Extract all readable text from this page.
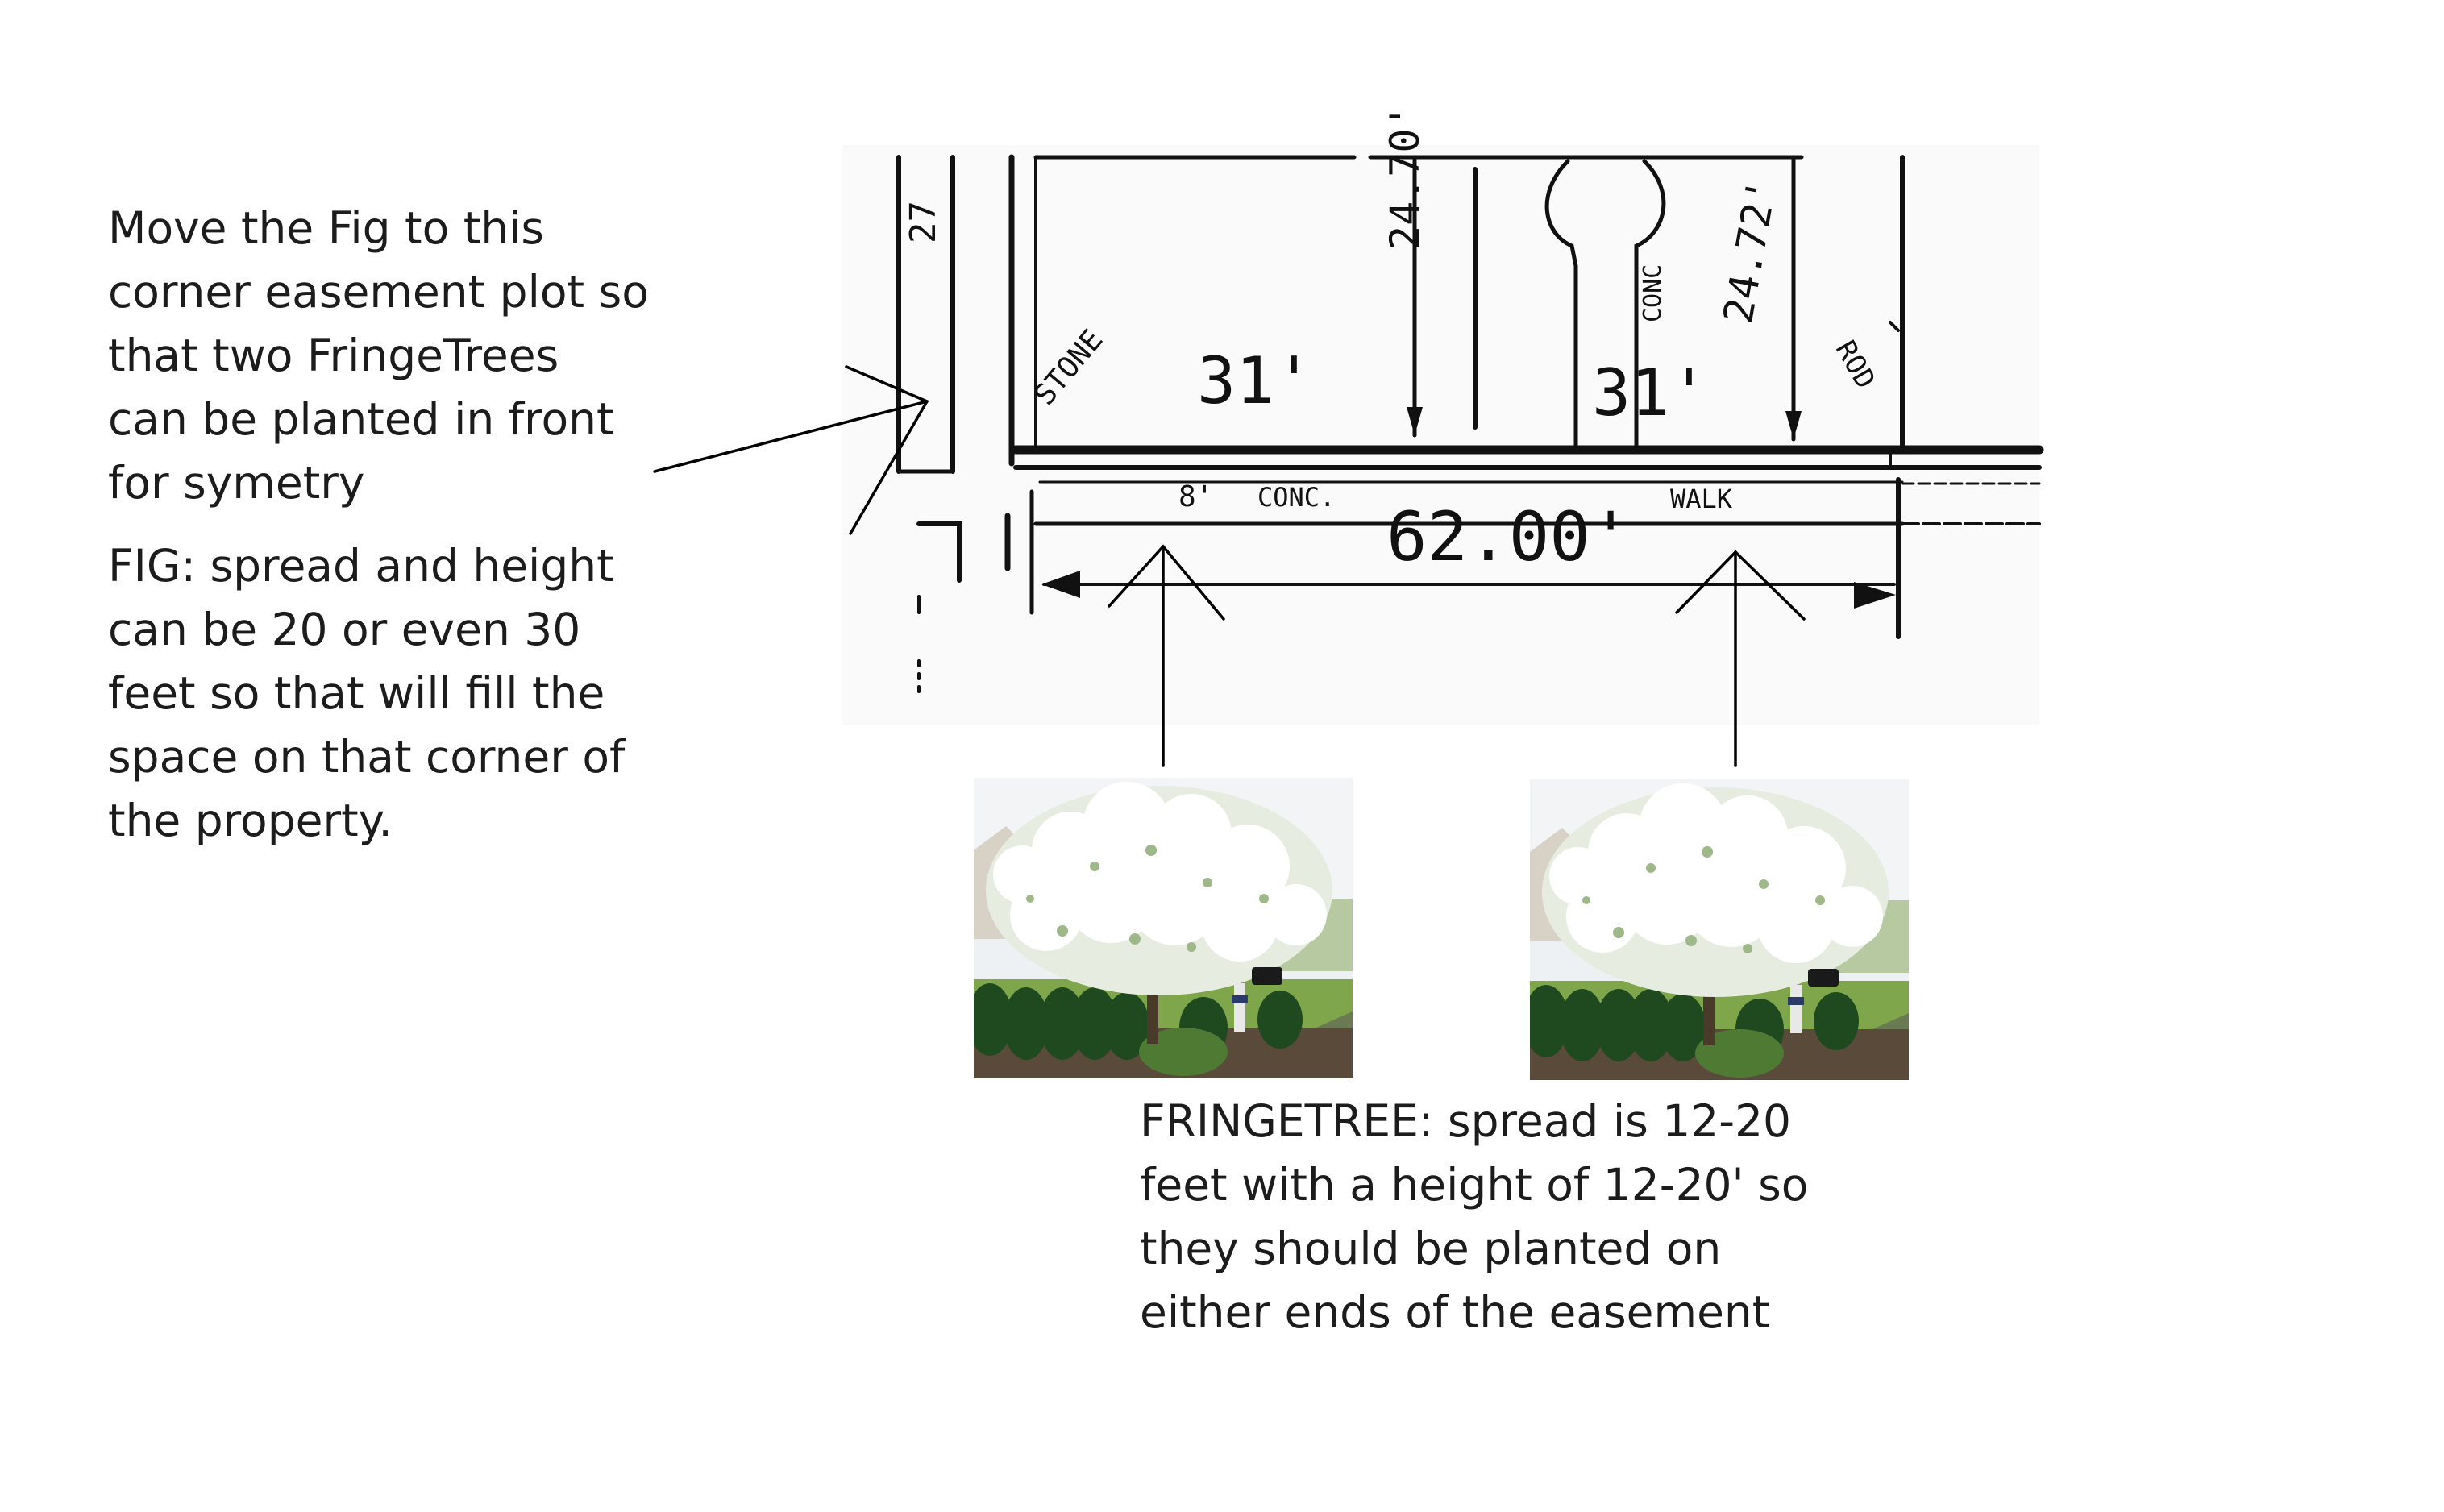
Move the Fig to this
corner easement plot so
that two FringeTrees
can be planted in front
for symetry
FIG: spread and height
can be 20 or even 30
feet so that will fill the
space on that corner of
the property.
FRINGETREE: spread is 12-20
feet with a height of 12-20' so
they should be planted on
either ends of the easement
24.70'	24.72'
31'	31'
STONE
CONC
ROD
8' CONC. 62.00' WALK
27
